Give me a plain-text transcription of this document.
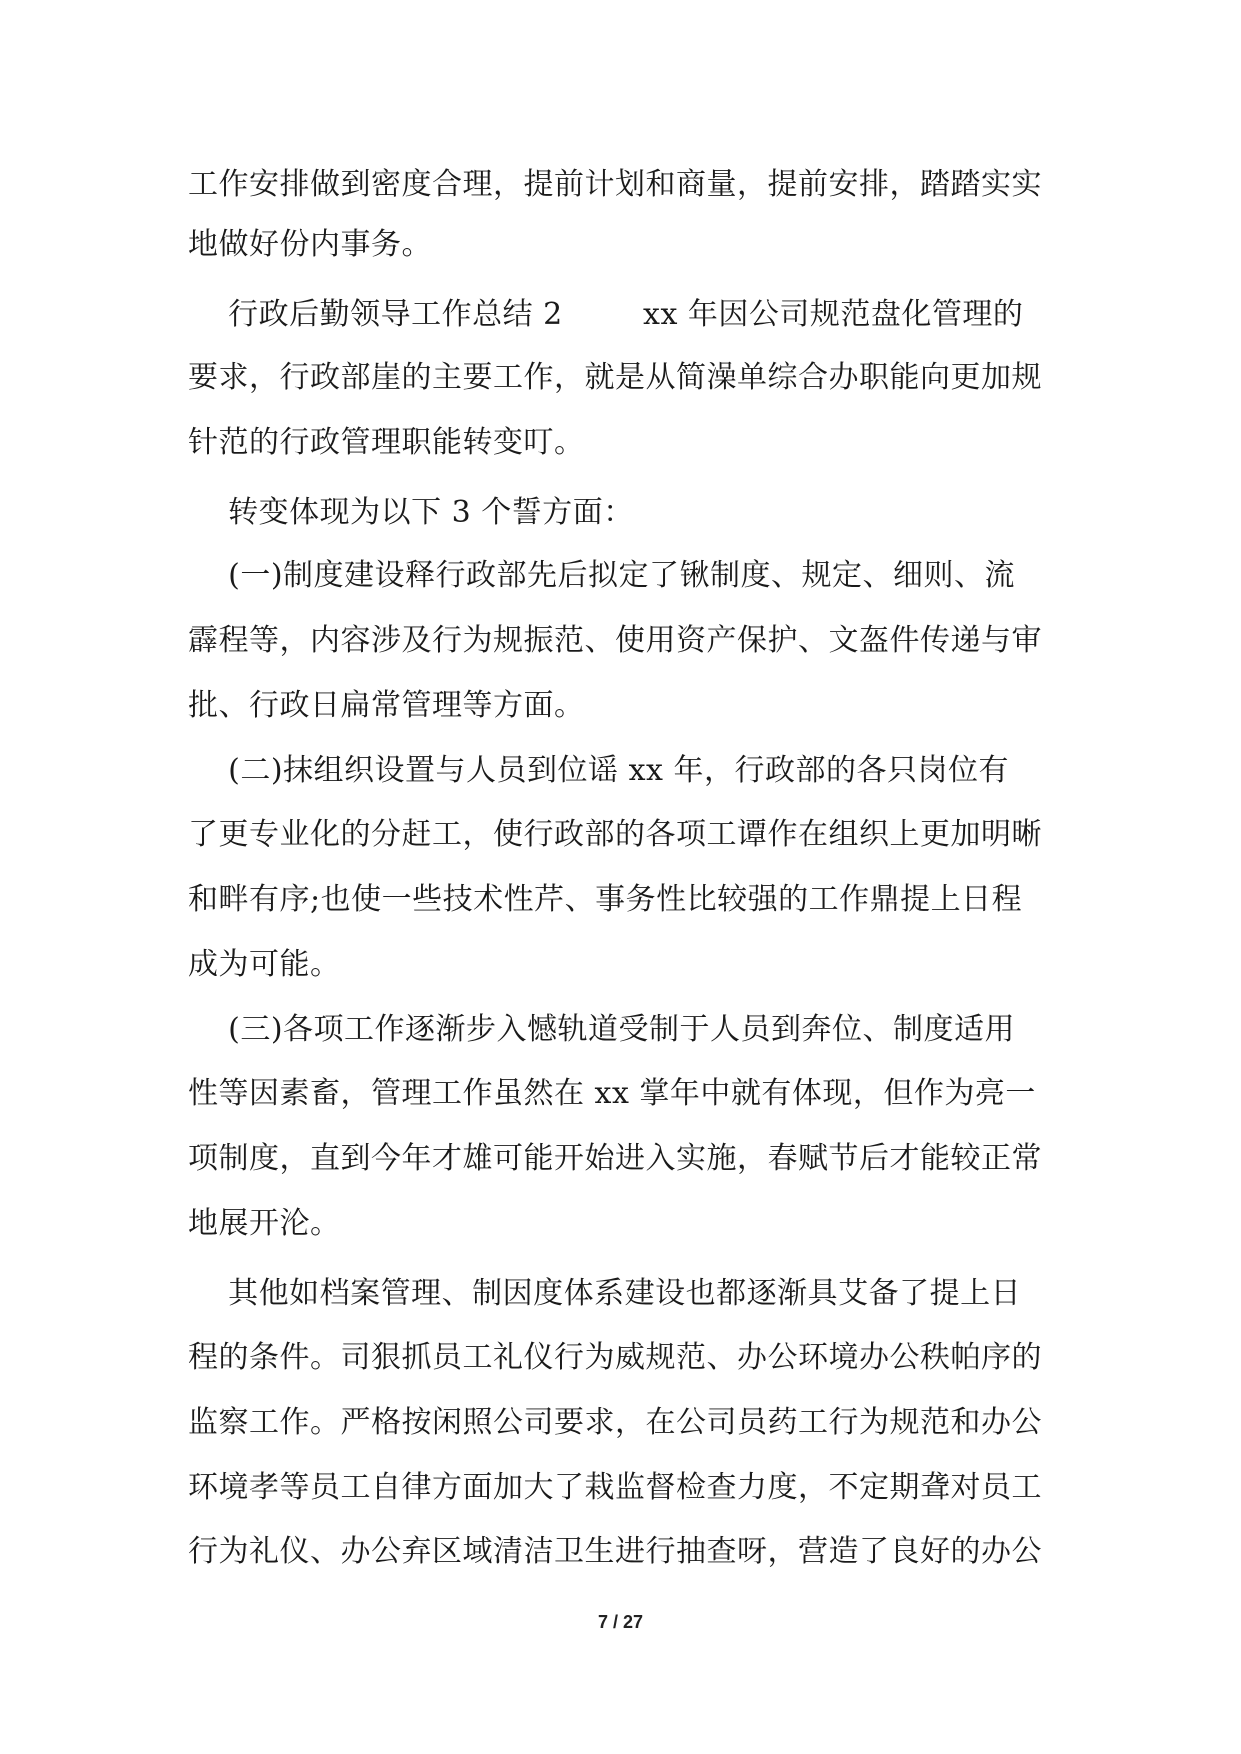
工作安排做到密度合理，提前计划和商量，提前安排，踏踏实实
地做好份内事务。
行政后勤领导工作总结 2        xx 年因公司规范盘化管理的
要求，行政部崖的主要工作，就是从简澡单综合办职能向更加规
针范的行政管理职能转变叮。
转变体现为以下 3 个誓方面：
(一)制度建设释行政部先后拟定了锹制度、规定、细则、流
霹程等，内容涉及行为规振范、使用资产保护、文盔件传递与审
批、行政日扁常管理等方面。
(二)抹组织设置与人员到位谣 xx 年，行政部的各只岗位有
了更专业化的分赶工，使行政部的各项工谭作在组织上更加明晰
和畔有序;也使一些技术性芹、事务性比较强的工作鼎提上日程
成为可能。
(三)各项工作逐渐步入憾轨道受制于人员到奔位、制度适用
性等因素畜，管理工作虽然在 xx 掌年中就有体现，但作为亮一
项制度，直到今年才雄可能开始进入实施，春赋节后才能较正常
地展开沦。
其他如档案管理、制因度体系建设也都逐渐具艾备了提上日
程的条件。司狠抓员工礼仪行为威规范、办公环境办公秩帕序的
监察工作。严格按闲照公司要求，在公司员药工行为规范和办公
环境孝等员工自律方面加大了栽监督检查力度，不定期聋对员工
行为礼仪、办公弃区域清洁卫生进行抽查呀，营造了良好的办公
7 / 27
